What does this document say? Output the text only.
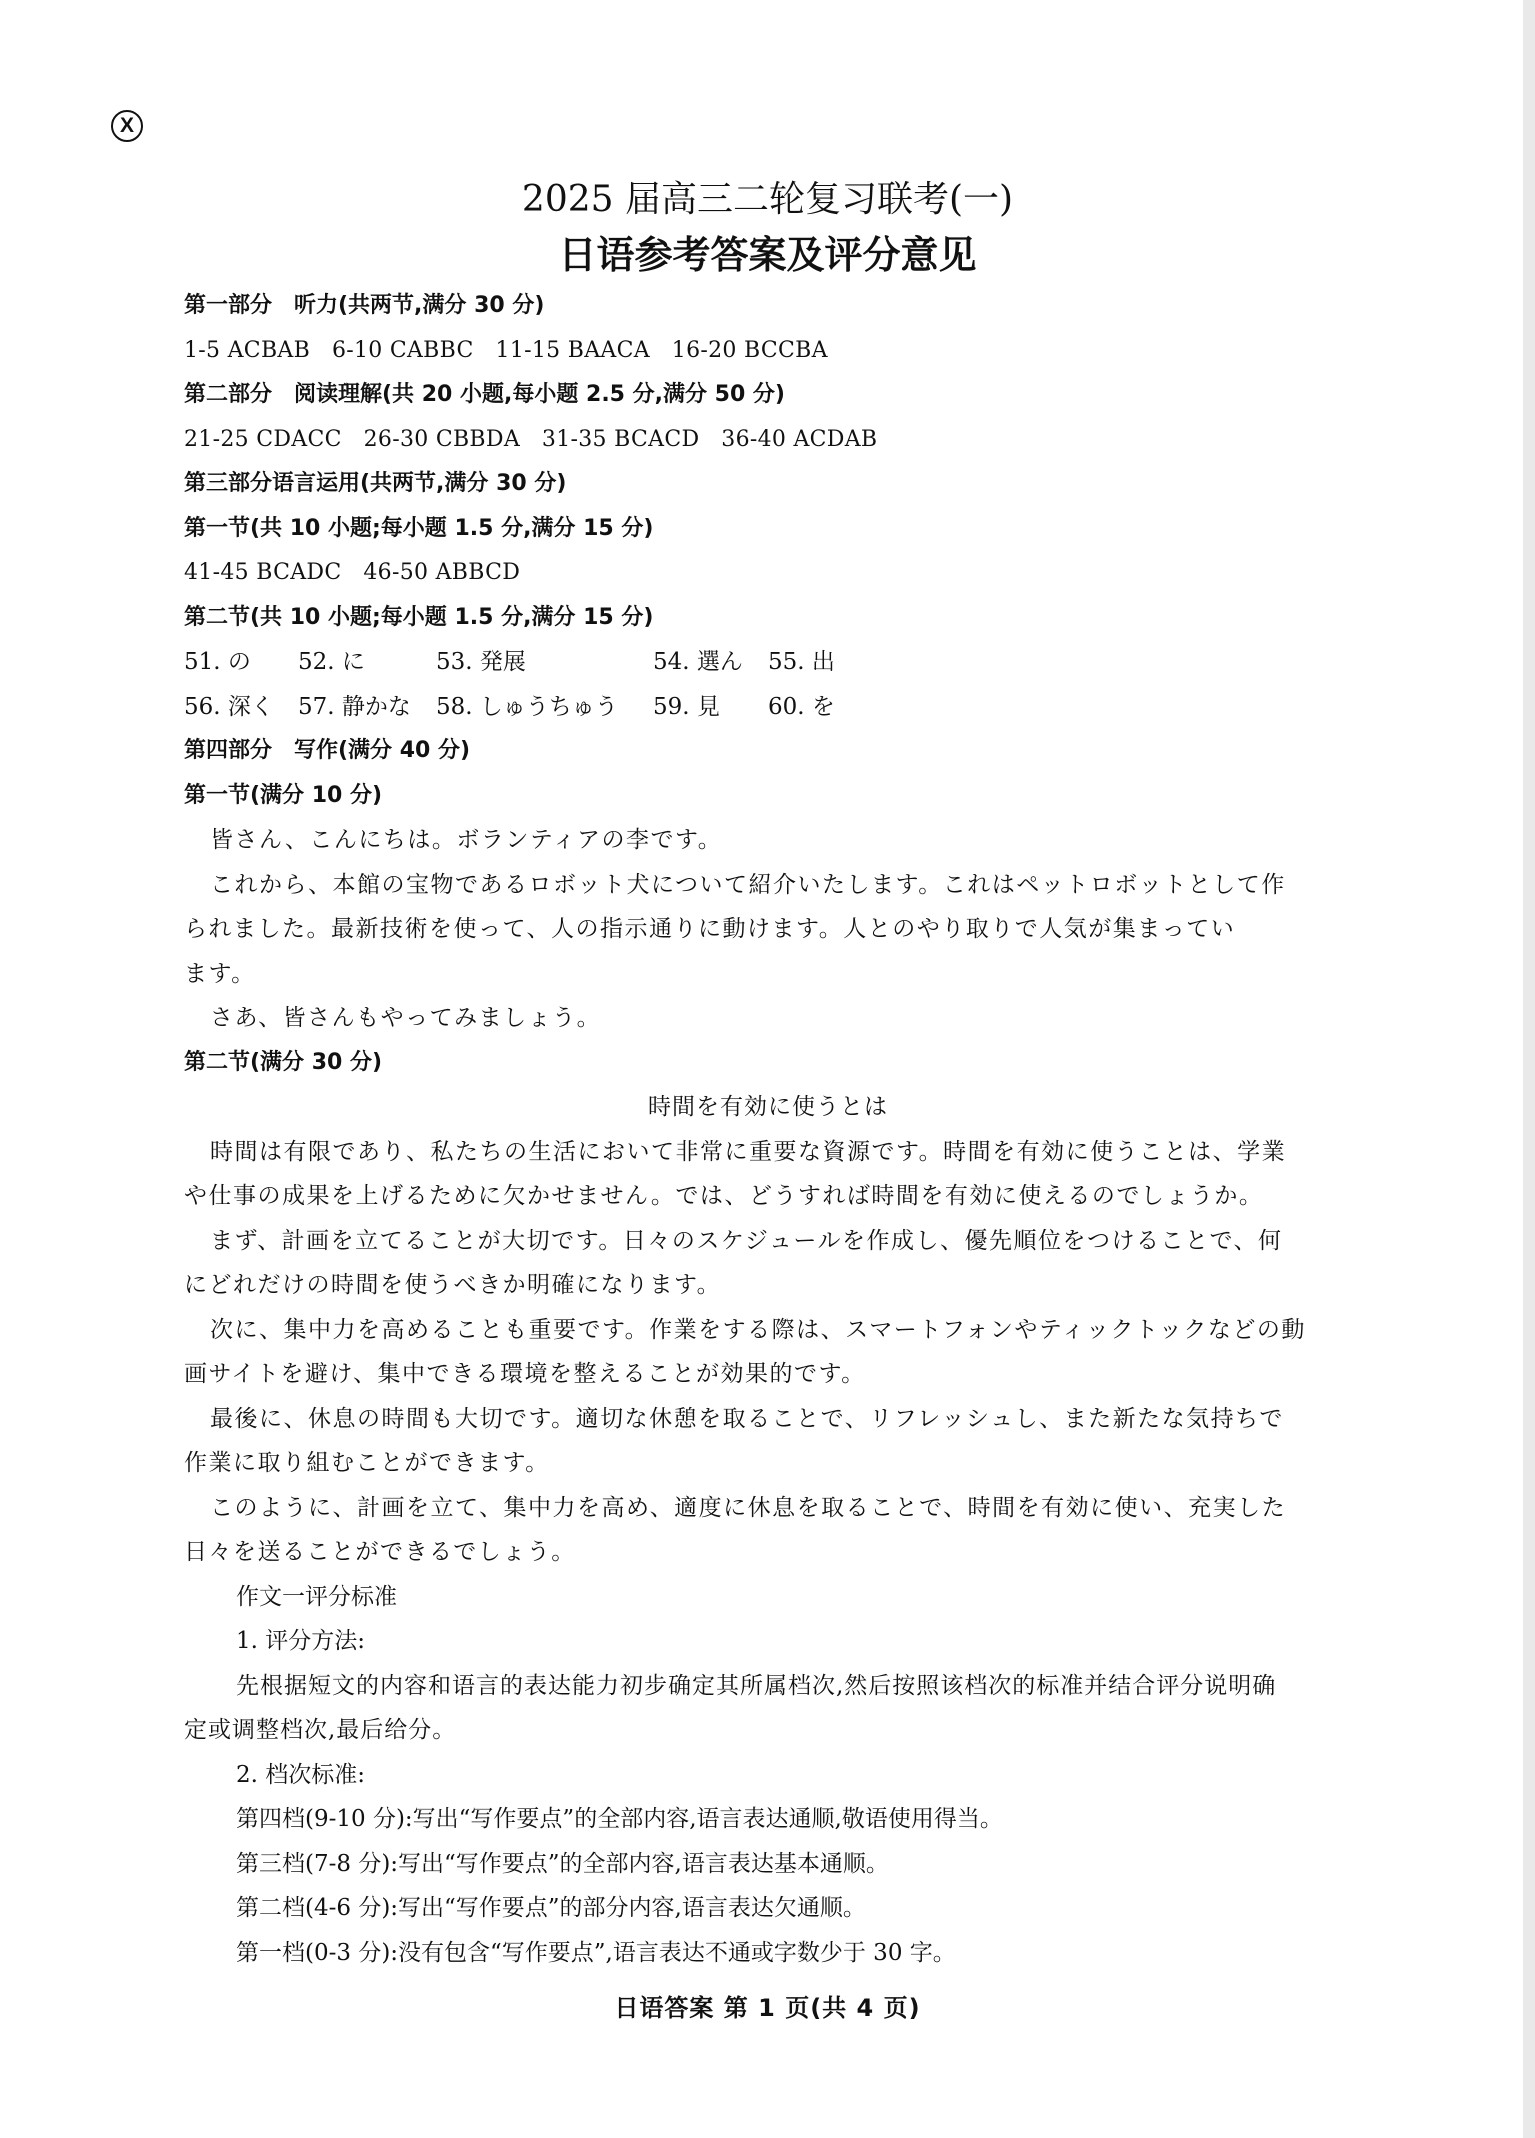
X
2025 届高三二轮复习联考(一)
日语参考答案及评分意见

第一部分　听力(共两节,满分 30 分)

1-5 ACBAB   6-10 CABBC   11-15 BAACA   16-20 BCCBA

第二部分　阅读理解(共 20 小题,每小题 2.5 分,满分 50 分)

21-25 CDACC   26-30 CBBDA   31-35 BCACD   36-40 ACDAB

第三部分语言运用(共两节,满分 30 分)

第一节(共 10 小题;每小题 1.5 分,满分 15 分)

41-45 BCADC   46-50 ABBCD

第二节(共 10 小题;每小题 1.5 分,满分 15 分)

51. の	52. に	53. 発展	54. 選ん	55. 出
56. 深く	57. 静かな	58. しゅうちゅう	59. 見	60. を

第四部分　写作(满分 40 分)

第一节(满分 10 分)

皆さん、こんにちは。ボランティアの李です。

これから、本館の宝物であるロボット犬について紹介いたします。これはペットロボットとして作

られました。最新技術を使って、人の指示通りに動けます。人とのやり取りで人気が集まってい

ます。

さあ、皆さんもやってみましょう。

第二节(满分 30 分)

時間を有効に使うとは

時間は有限であり、私たちの生活において非常に重要な資源です。時間を有効に使うことは、学業

や仕事の成果を上げるために欠かせません。では、どうすれば時間を有効に使えるのでしょうか。

まず、計画を立てることが大切です。日々のスケジュールを作成し、優先順位をつけることで、何

にどれだけの時間を使うべきか明確になります。

次に、集中力を高めることも重要です。作業をする際は、スマートフォンやティックトックなどの動

画サイトを避け、集中できる環境を整えることが効果的です。

最後に、休息の時間も大切です。適切な休憩を取ることで、リフレッシュし、また新たな気持ちで

作業に取り組むことができます。

このように、計画を立て、集中力を高め、適度に休息を取ることで、時間を有効に使い、充実した

日々を送ることができるでしょう。

作文一评分标准

1. 评分方法:

先根据短文的内容和语言的表达能力初步确定其所属档次,然后按照该档次的标准并结合评分说明确

定或调整档次,最后给分。

2. 档次标准:

第四档(9-10 分):写出“写作要点”的全部内容,语言表达通顺,敬语使用得当。

第三档(7-8 分):写出“写作要点”的全部内容,语言表达基本通顺。

第二档(4-6 分):写出“写作要点”的部分内容,语言表达欠通顺。

第一档(0-3 分):没有包含“写作要点”,语言表达不通或字数少于 30 字。

日语答案 第 1 页(共 4 页)
